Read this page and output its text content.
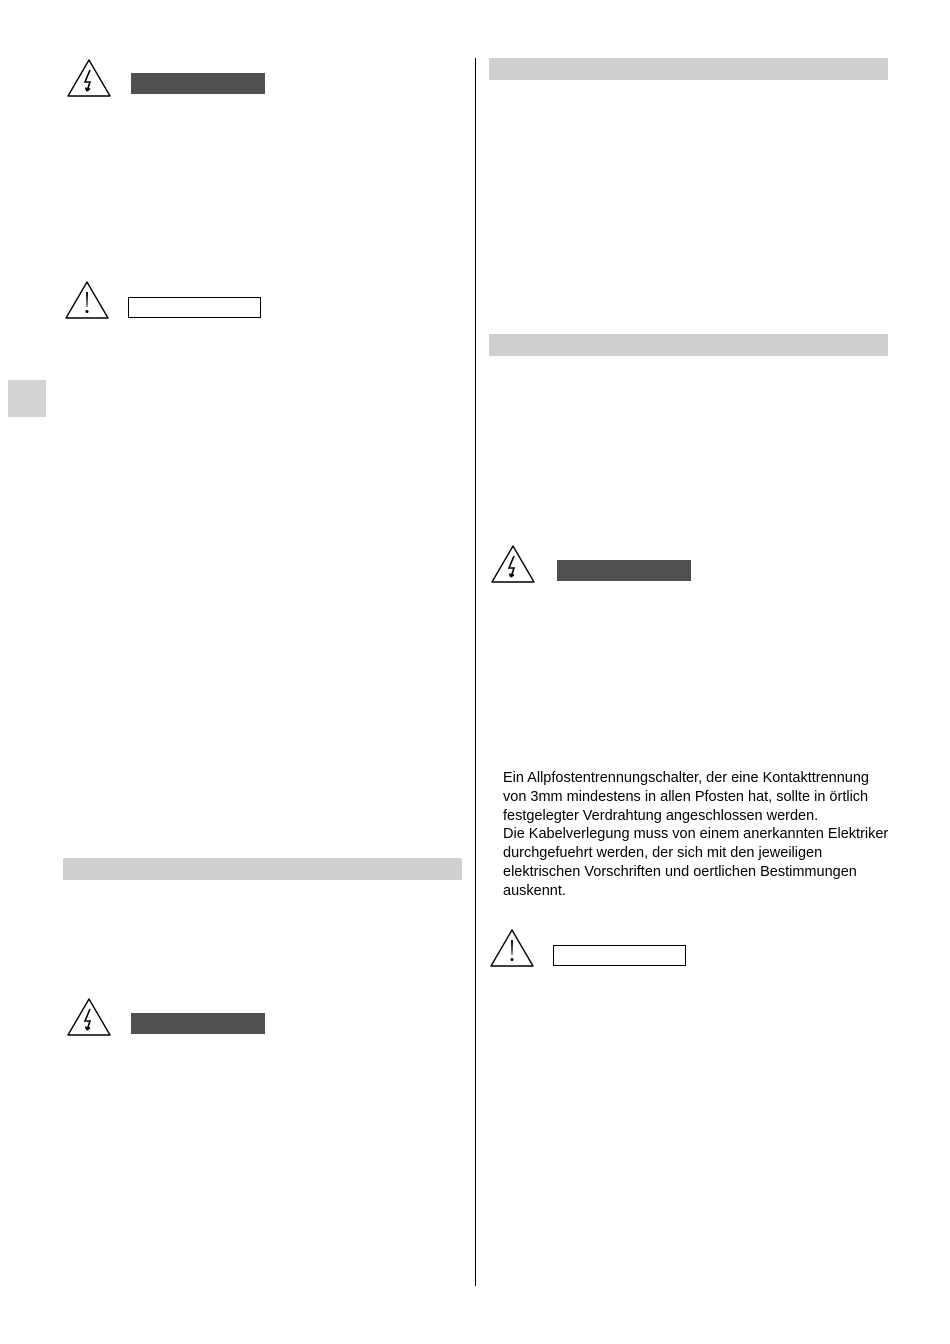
Ein Allpfostentrennungschalter, der eine Kontakttrennung von 3mm mindestens in allen Pfosten hat, sollte in örtlich festgelegter Verdrahtung angeschlossen werden.

Die Kabelverlegung muss von einem anerkannten Elektriker durchgefuehrt werden, der sich mit den jeweiligen elektrischen Vorschriften und oertlichen Bestimmungen auskennt.
